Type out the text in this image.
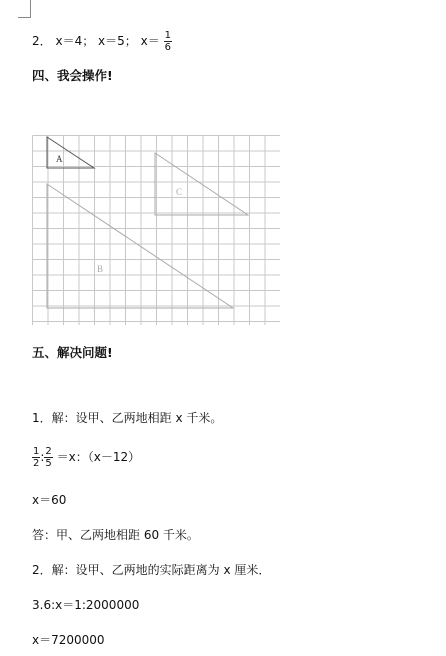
2． x＝4； x＝5； $x= \frac{1}{6}$
四、我会操作!
A
C
B
五、解决问题!
1．解：设甲、乙两地相距 x 千米。
$\frac{1}{2}$ : $\frac{2}{5} =x$：（x－12）
x＝60
答：甲、乙两地相距 60 千米。
2．解：设甲、乙两地的实际距离为 x 厘米．
3.6:x＝1:2000000
x＝7200000
